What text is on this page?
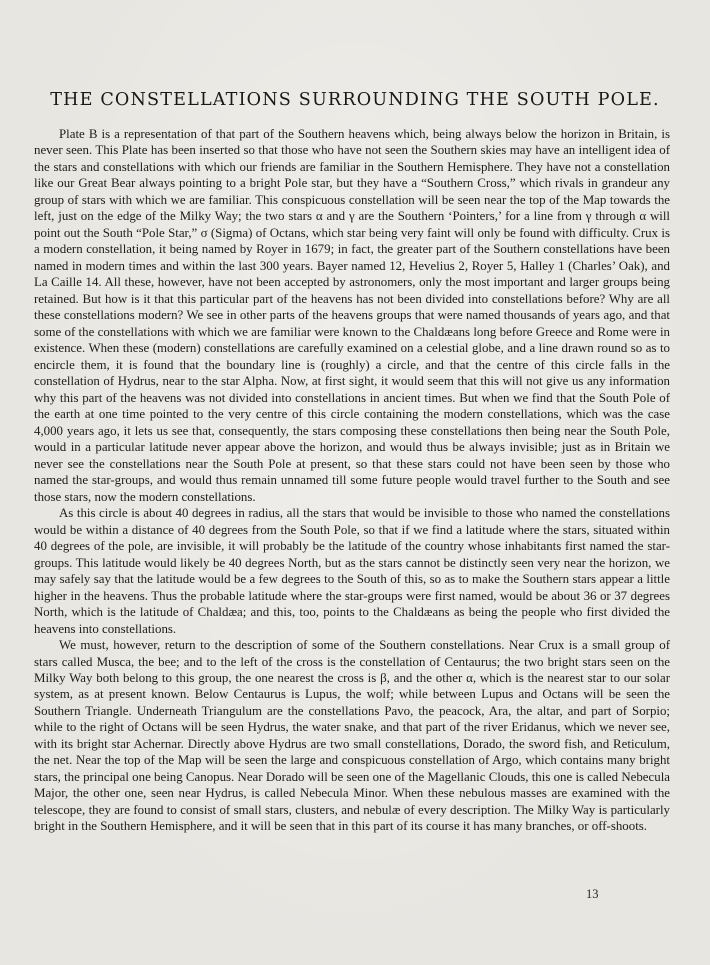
THE CONSTELLATIONS SURROUNDING THE SOUTH POLE.

Plate B is a representation of that part of the Southern heavens which, being always below the horizon in Britain, is never seen. This Plate has been inserted so that those who have not seen the Southern skies may have an intelligent idea of the stars and constellations with which our friends are familiar in the Southern Hemisphere. They have not a constellation like our Great Bear always pointing to a bright Pole star, but they have a “Southern Cross,” which rivals in grandeur any group of stars with which we are familiar. This conspicuous constellation will be seen near the top of the Map towards the left, just on the edge of the Milky Way; the two stars α and γ are the Southern ‘Pointers,’ for a line from γ through α will point out the South “Pole Star,” σ (Sigma) of Octans, which star being very faint will only be found with difficulty. Crux is a modern constellation, it being named by Royer in 1679; in fact, the greater part of the Southern constellations have been named in modern times and within the last 300 years. Bayer named 12, Hevelius 2, Royer 5, Halley 1 (Charles’ Oak), and La Caille 14. All these, however, have not been accepted by astronomers, only the most important and larger groups being retained. But how is it that this particular part of the heavens has not been divided into constellations before? Why are all these constellations modern? We see in other parts of the heavens groups that were named thousands of years ago, and that some of the constellations with which we are familiar were known to the Chaldæans long before Greece and Rome were in existence. When these (modern) constellations are carefully examined on a celestial globe, and a line drawn round so as to encircle them, it is found that the boundary line is (roughly) a circle, and that the centre of this circle falls in the constellation of Hydrus, near to the star Alpha. Now, at first sight, it would seem that this will not give us any information why this part of the heavens was not divided into constellations in ancient times. But when we find that the South Pole of the earth at one time pointed to the very centre of this circle containing the modern constellations, which was the case 4,000 years ago, it lets us see that, consequently, the stars composing these constellations then being near the South Pole, would in a particular latitude never appear above the horizon, and would thus be always invisible; just as in Britain we never see the constellations near the South Pole at present, so that these stars could not have been seen by those who named the star-groups, and would thus remain unnamed till some future people would travel further to the South and see those stars, now the modern constellations.

As this circle is about 40 degrees in radius, all the stars that would be invisible to those who named the constellations would be within a distance of 40 degrees from the South Pole, so that if we find a latitude where the stars, situated within 40 degrees of the pole, are invisible, it will probably be the latitude of the country whose inhabitants first named the star-groups. This latitude would likely be 40 degrees North, but as the stars cannot be distinctly seen very near the horizon, we may safely say that the latitude would be a few degrees to the South of this, so as to make the Southern stars appear a little higher in the heavens. Thus the probable latitude where the star-groups were first named, would be about 36 or 37 degrees North, which is the latitude of Chaldæa; and this, too, points to the Chaldæans as being the people who first divided the heavens into constellations.

We must, however, return to the description of some of the Southern constellations. Near Crux is a small group of stars called Musca, the bee; and to the left of the cross is the constellation of Centaurus; the two bright stars seen on the Milky Way both belong to this group, the one nearest the cross is β, and the other α, which is the nearest star to our solar system, as at present known. Below Centaurus is Lupus, the wolf; while between Lupus and Octans will be seen the Southern Triangle. Underneath Triangulum are the constellations Pavo, the peacock, Ara, the altar, and part of Sorpio; while to the right of Octans will be seen Hydrus, the water snake, and that part of the river Eridanus, which we never see, with its bright star Achernar. Directly above Hydrus are two small constellations, Dorado, the sword fish, and Reticulum, the net. Near the top of the Map will be seen the large and conspicuous constellation of Argo, which contains many bright stars, the principal one being Canopus. Near Dorado will be seen one of the Magellanic Clouds, this one is called Nebecula Major, the other one, seen near Hydrus, is called Nebecula Minor. When these nebulous masses are examined with the telescope, they are found to consist of small stars, clusters, and nebulæ of every description. The Milky Way is particularly bright in the Southern Hemisphere, and it will be seen that in this part of its course it has many branches, or off-shoots.

13
